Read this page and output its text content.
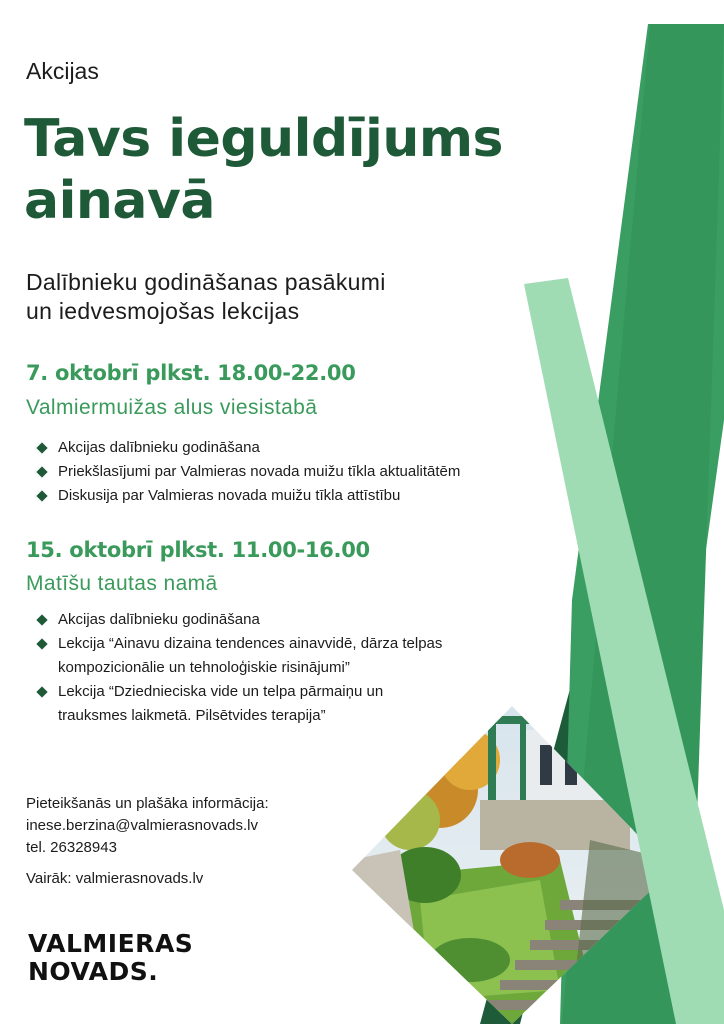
Akcijas
Tavs ieguldījums
ainavā
Dalībnieku godināšanas pasākumi
un iedvesmojošas lekcijas
7. oktobrī plkst. 18.00-22.00
Valmiermuižas alus viesistabā
Akcijas dalībnieku godināšana
Priekšlasījumi par Valmieras novada muižu tīkla aktualitātēm
Diskusija par Valmieras novada muižu tīkla attīstību
15. oktobrī plkst. 11.00-16.00
Matīšu tautas namā
Akcijas dalībnieku godināšana
Lekcija “Ainavu dizaina tendences ainavvidē, dārza telpas
kompozicionālie un tehnoloģiskie risinājumi”
Lekcija “Dziednieciska vide un telpa pārmaiņu un
trauksmes laikmetā. Pilsētvides terapija”
Pieteikšanās un plašāka informācija:
inese.berzina@valmierasnovads.lv
tel. 26328943
Vairāk: valmierasnovads.lv
VALMIERAS
NOVADS.
